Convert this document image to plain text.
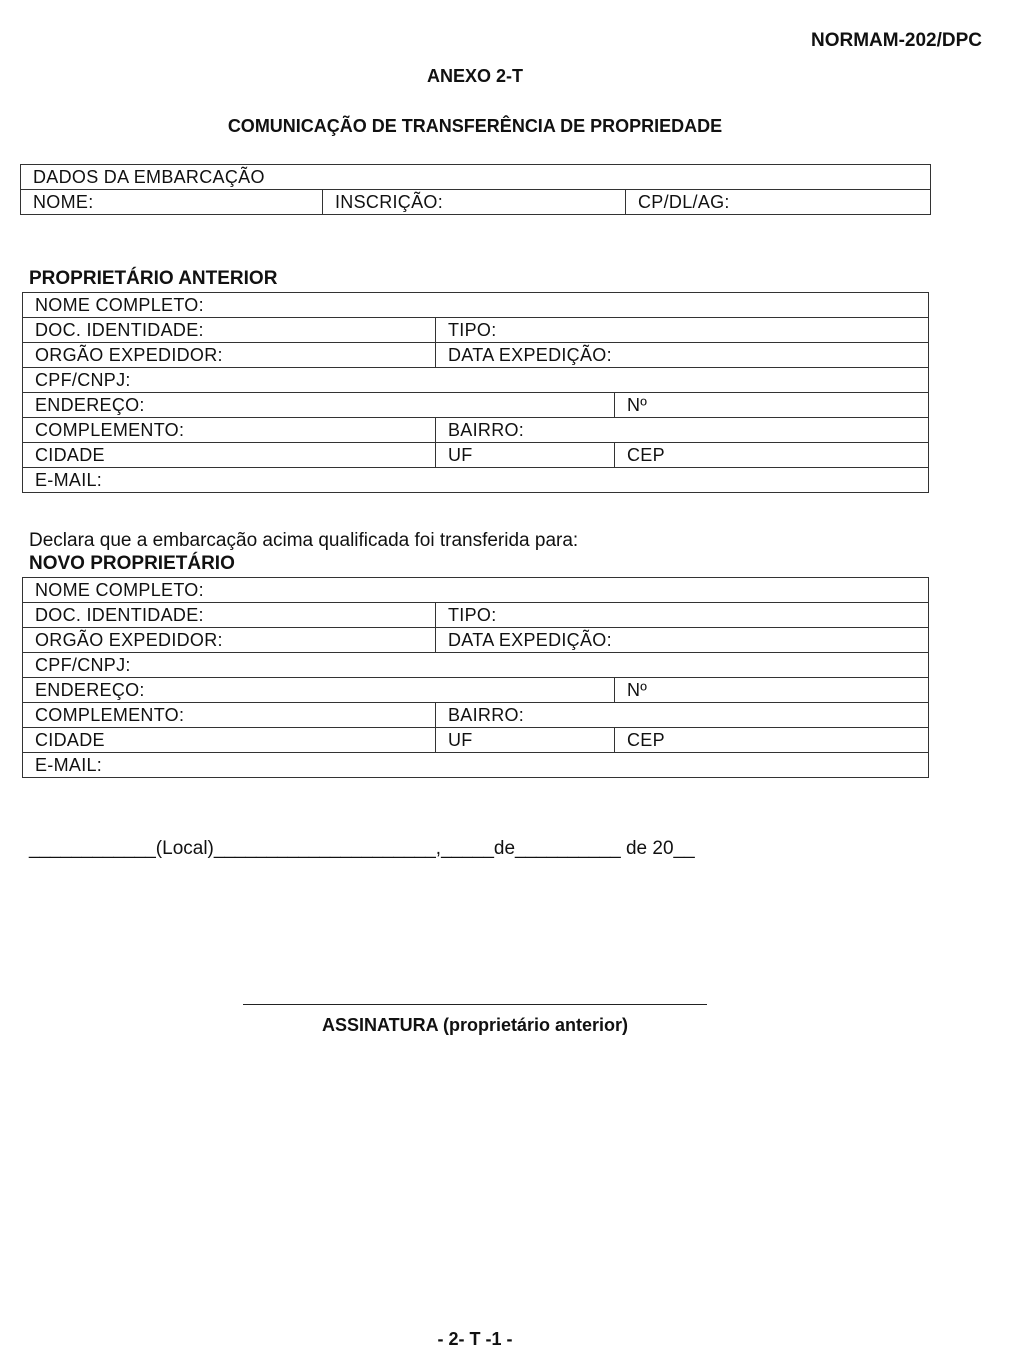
NORMAM-202/DPC
ANEXO 2-T
COMUNICAÇÃO DE TRANSFERÊNCIA DE PROPRIEDADE
DADOS DA EMBARCAÇÃO
NOME:	INSCRIÇÃO:	CP/DL/AG:
PROPRIETÁRIO ANTERIOR
NOME COMPLETO:		
DOC. IDENTIDADE:	TIPO:	
ORGÃO EXPEDIDOR:	DATA EXPEDIÇÃO:	
CPF/CNPJ:		
ENDEREÇO:		Nº
COMPLEMENTO:	BAIRRO:	
CIDADE	UF	CEP
E-MAIL:		
Declara que a embarcação acima qualificada foi transferida para:
NOVO PROPRIETÁRIO
NOME COMPLETO:		
DOC. IDENTIDADE:	TIPO:	
ORGÃO EXPEDIDOR:	DATA EXPEDIÇÃO:	
CPF/CNPJ:		
ENDEREÇO:		Nº
COMPLEMENTO:	BAIRRO:	
CIDADE	UF	CEP
E-MAIL:		
____________(Local)_____________________,_____de__________ de 20__
ASSINATURA (proprietário anterior)
- 2- T -1 -
